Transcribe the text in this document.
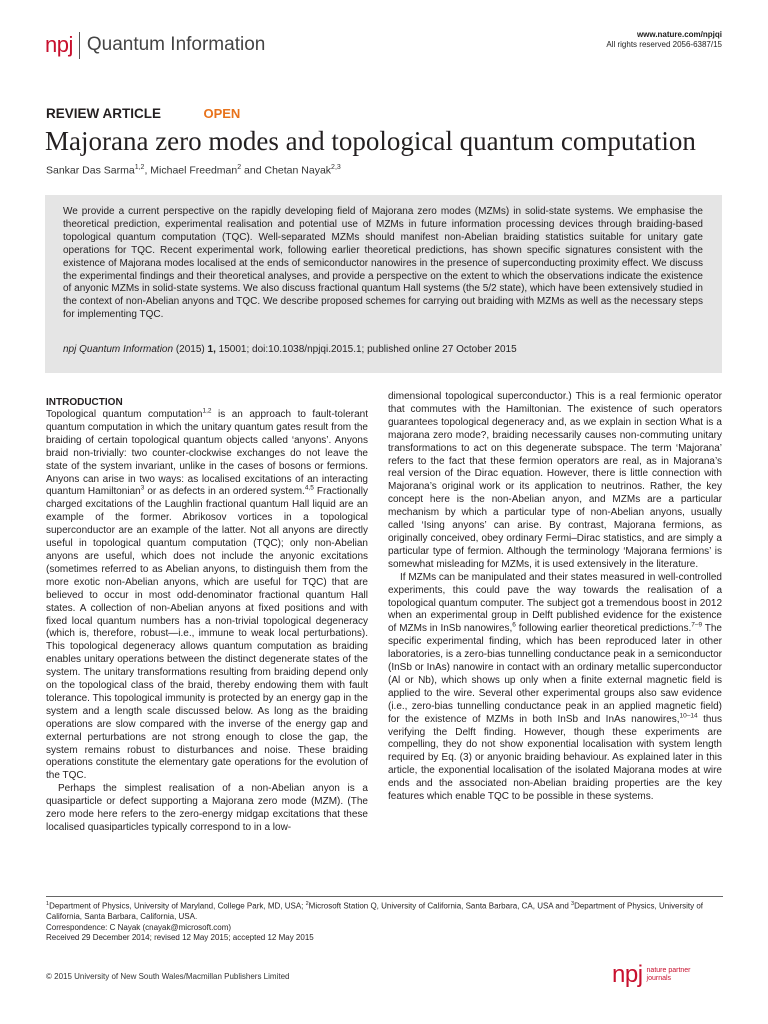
npj Quantum Information	www.nature.com/npjqi
All rights reserved 2056-6387/15
REVIEW ARTICLE	OPEN
Majorana zero modes and topological quantum computation
Sankar Das Sarma$^{1,2}$, Michael Freedman$^2$ and Chetan Nayak$^{2,3}$
We provide a current perspective on the rapidly developing field of Majorana zero modes (MZMs) in solid-state systems. We emphasise the theoretical prediction, experimental realisation and potential use of MZMs in future information processing devices through braiding-based topological quantum computation (TQC). Well-separated MZMs should manifest non-Abelian braiding statistics suitable for unitary gate operations for TQC. Recent experimental work, following earlier theoretical predictions, has shown specific signatures consistent with the existence of Majorana modes localised at the ends of semiconductor nanowires in the presence of superconducting proximity effect. We discuss the experimental findings and their theoretical analyses, and provide a perspective on the extent to which the observations indicate the existence of anyonic MZMs in solid-state systems. We also discuss fractional quantum Hall systems (the 5/2 state), which have been extensively studied in the context of non-Abelian anyons and TQC. We describe proposed schemes for carrying out braiding with MZMs as well as the necessary steps for implementing TQC.
npj Quantum Information (2015) 1, 15001; doi:10.1038/npjqi.2015.1; published online 27 October 2015
INTRODUCTION

Topological quantum computation$^{1,2}$ is an approach to fault-tolerant quantum computation in which the unitary quantum gates result from the braiding of certain topological quantum objects called ‘anyons’. Anyons braid non-trivially: two counter-clockwise exchanges do not leave the state of the system invariant, unlike in the cases of bosons or fermions. Anyons can arise in two ways: as localised excitations of an interacting quantum Hamiltonian$^3$ or as defects in an ordered system.$^{4,5}$ Fractionally charged excitations of the Laughlin fractional quantum Hall liquid are an example of the former. Abrikosov vortices in a topological superconductor are an example of the latter. Not all anyons are directly useful in topological quantum computation (TQC); only non-Abelian anyons are useful, which does not include the anyonic excitations (sometimes referred to as Abelian anyons, to distinguish them from the more exotic non-Abelian anyons, which are useful for TQC) that are believed to occur in most odd-denominator fractional quantum Hall states. A collection of non-Abelian anyons at fixed positions and with fixed local quantum numbers has a non-trivial topological degeneracy (which is, therefore, robust—i.e., immune to weak local perturbations). This topological degeneracy allows quantum computation as braiding enables unitary operations between the distinct degenerate states of the system. The unitary transformations resulting from braiding depend only on the topological class of the braid, thereby endowing them with fault tolerance. This topological immunity is protected by an energy gap in the system and a length scale discussed below. As long as the braiding operations are slow compared with the inverse of the energy gap and external perturbations are not strong enough to close the gap, the system remains robust to disturbances and noise. These braiding operations constitute the elementary gate operations for the evolution of the TQC.

Perhaps the simplest realisation of a non-Abelian anyon is a quasiparticle or defect supporting a Majorana zero mode (MZM). (The zero mode here refers to the zero-energy midgap excitations that these localised quasiparticles typically correspond to in a low-

dimensional topological superconductor.) This is a real fermionic operator that commutes with the Hamiltonian. The existence of such operators guarantees topological degeneracy and, as we explain in section What is a majorana zero mode?, braiding necessarily causes non-commuting unitary transformations to act on this degenerate subspace. The term ‘Majorana’ refers to the fact that these fermion operators are real, as in Majorana’s real version of the Dirac equation. However, there is little connection with Majorana’s original work or its application to neutrinos. Rather, the key concept here is the non-Abelian anyon, and MZMs are a particular mechanism by which a particular type of non-Abelian anyons, usually called ‘Ising anyons’ can arise. By contrast, Majorana fermions, as originally conceived, obey ordinary Fermi–Dirac statistics, and are simply a particular type of fermion. Although the terminology ‘Majorana fermions’ is somewhat misleading for MZMs, it is used extensively in the literature.

If MZMs can be manipulated and their states measured in well-controlled experiments, this could pave the way towards the realisation of a topological quantum computer. The subject got a tremendous boost in 2012 when an experimental group in Delft published evidence for the existence of MZMs in InSb nanowires,$^6$ following earlier theoretical predictions.$^{7-9}$ The specific experimental finding, which has been reproduced later in other laboratories, is a zero-bias tunnelling conductance peak in a semiconductor (InSb or InAs) nanowire in contact with an ordinary metallic superconductor (Al or Nb), which shows up only when a finite external magnetic field is applied to the wire. Several other experimental groups also saw evidence (i.e., zero-bias tunnelling conductance peak in an applied magnetic field) for the existence of MZMs in both InSb and InAs nanowires,$^{10-14}$ thus verifying the Delft finding. However, though these experiments are compelling, they do not show exponential localisation with system length required by Eq. (3) or anyonic braiding behaviour. As explained later in this article, the exponential localisation of the isolated Majorana modes at wire ends and the associated non-Abelian braiding properties are the key features which enable TQC to be possible in these systems.

$^1$Department of Physics, University of Maryland, College Park, MD, USA; $^2$Microsoft Station Q, University of California, Santa Barbara, CA, USA and $^3$Department of Physics, University of California, Santa Barbara, California, USA.
Correspondence: C Nayak (cnayak@microsoft.com)
Received 29 December 2014; revised 12 May 2015; accepted 12 May 2015
© 2015 University of New South Wales/Macmillan Publishers Limited	npj nature partner
journals
